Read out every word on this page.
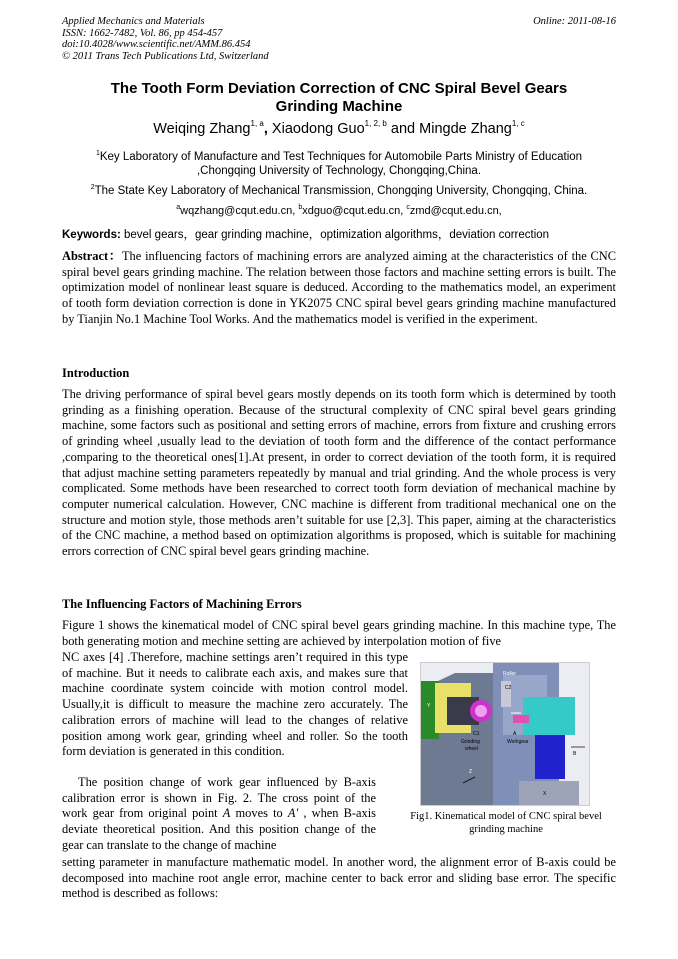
Applied Mechanics and Materials
ISSN: 1662-7482, Vol. 86, pp 454-457
doi:10.4028/www.scientific.net/AMM.86.454
© 2011 Trans Tech Publications Ltd, Switzerland
Online: 2011-08-16
The Tooth Form Deviation Correction of CNC Spiral Bevel Gears
Grinding Machine
Weiqing Zhang$^{1, a}$, Xiaodong Guo$^{1, 2, b}$ and Mingde Zhang$^{1, c}$
$^1$Key Laboratory of Manufacture and Test Techniques for Automobile Parts Ministry of Education
,Chongqing University of Technology, Chongqing,China.
$^2$The State Key Laboratory of Mechanical Transmission, Chongqing University, Chongqing, China.
$^a$wqzhang@cqut.edu.cn, $^b$xdguo@cqut.edu.cn, $^c$zmd@cqut.edu.cn,
Keywords: bevel gears，gear grinding machine，optimization algorithms，deviation correction
Abstract：The influencing factors of machining errors are analyzed aiming at the characteristics of the CNC spiral bevel gears grinding machine. The relation between those factors and machine setting errors is built. The optimization model of nonlinear least square is deduced. According to the mathematics model, an experiment of tooth form deviation correction is done in YK2075 CNC spiral bevel gears grinding machine manufactured by Tianjin No.1 Machine Tool Works. And the mathematics model is verified in the experiment.
Introduction
The driving performance of spiral bevel gears mostly depends on its tooth form which is determined by tooth grinding as a finishing operation. Because of the structural complexity of CNC spiral bevel gears grinding machine, some factors such as positional and setting errors of machine, errors from fixture and crushing errors of grinding wheel ,usually lead to the deviation of tooth form and the difference of the contact performance ,comparing to the theoretical ones[1].At present, in order to correct deviation of the tooth form, it is required that adjust machine setting parameters repeatedly by manual and trial grinding. And the whole process is very complicated. Some methods have been researched to correct tooth form deviation of mechanical machine by computer numerical calculation. However, CNC machine is different from traditional mechanical one on the structure and motion style, those methods aren’t suitable for use [2,3]. This paper, aiming at the characteristics of the CNC machine, a method based on optimization algorithms is proposed, which is suitable for machining errors correction of CNC spiral bevel gears grinding machine.
The Influencing Factors of Machining Errors
Figure 1 shows the kinematical model of CNC spiral bevel gears grinding machine. In this machine type, The both generating motion and mechine setting are achieved by interpolation motion of five
NC axes [4] .Therefore, machine settings aren’t required in this type of machine. But it needs to calibrate each axis, and makes sure that machine coordinate system coincide with motion control model. Usually,it is difficult to measure the machine zero accurately. The calibration errors of machine will lead to the changes of relative position among work gear, grinding wheel and roller. So the tooth form deviation is generated in this condition.
The position change of work gear influenced by B-axis calibration error is shown in Fig. 2. The cross point of the work gear from original point A moves to A′ , when B-axis deviate theoretical position. And this position change of the gear can translate to the change of machine
setting parameter in manufacture mathematic model. In another word, the alignment error of B-axis could be decomposed into machine root angle error, machine center to back error and sliding base error. The specific method is described as follows:
Roller
C2
C1	A
Grinding	Workgear
wheel
Z
B
X
Y
Fig1. Kinematical model of CNC spiral bevel
grinding machine
